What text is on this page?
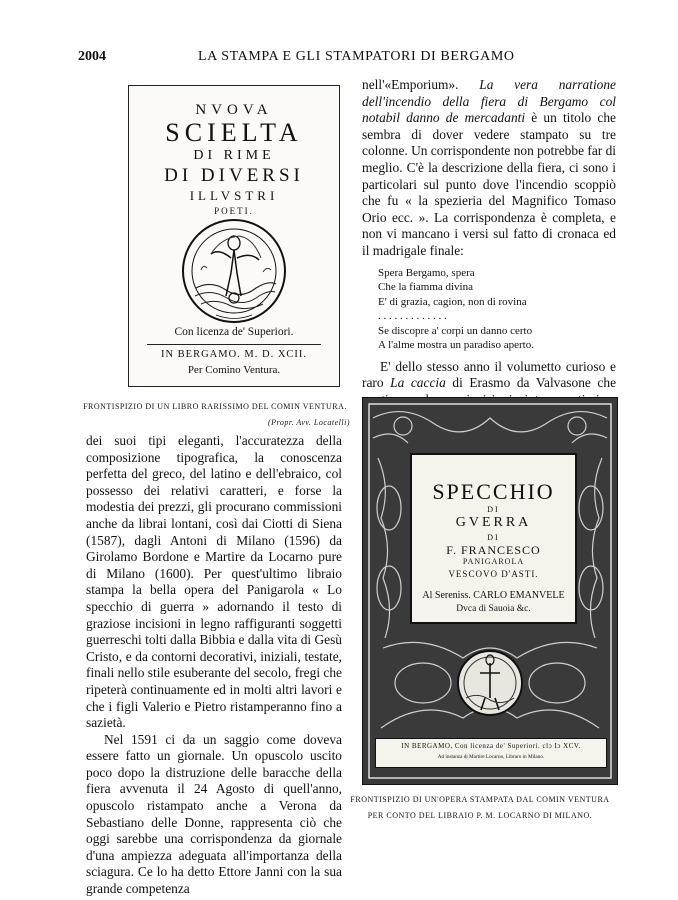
2004	LA STAMPA E GLI STAMPATORI DI BERGAMO
NVOVA
SCIELTA
DI RIME
DI DIVERSI
ILLVSTRI
POETI.
Con licenza de' Superiori.
IN BERGAMO. M. D. XCII.
Per Comino Ventura.
FRONTISPIZIO DI UN LIBRO RARISSIMO DEL COMIN VENTURA.
(Propr. Avv. Locatelli)

nell'«Emporium». La vera narratione dell'incendio della fiera di Bergamo col notabil danno de mercadanti è un titolo che sembra di dover vedere stampato su tre colonne. Un corrispondente non potrebbe far di meglio. C'è la descrizione della fiera, ci sono i particolari sul punto dove l'incendio scoppiò che fu « la spezieria del Magnifico Tomaso Orio ecc. ». La corrispondenza è completa, e non vi mancano i versi sul fatto di cronaca ed il madrigale finale:

Spera Bergamo, spera
Che la fiamma divina
E' di grazia, cagion, non di rovina
. . . . . . . . . . . . .
Se discopre a' corpi un danno certo
A l'alme mostra un paradiso aperto.

E' dello stesso anno il volumetto curioso e raro La caccia di Erasmo da Valvasone che

dei suoi tipi eleganti, l'accuratezza della composizione tipografica, la conoscenza perfetta del greco, del latino e dell'ebraico, col possesso dei relativi caratteri, e forse la modestia dei prezzi, gli procurano commissioni anche da librai lontani, così dai Ciotti di Siena (1587), dagli Antoni di Milano (1596) da Girolamo Bordone e Martire da Locarno pure di Milano (1600). Per quest'ultimo libraio stampa la bella opera del Panigarola « Lo specchio di guerra » adornando il testo di graziose incisioni in legno raffiguranti soggetti guerreschi tolti dalla Bibbia e dalla vita di Gesù Cristo, e da contorni decorativi, iniziali, testate, finali nello stile esuberante del secolo, fregi che ripeterà continuamente ed in molti altri lavori e che i figli Valerio e Pietro ristamperanno fino a sazietà.

Nel 1591 ci da un saggio come doveva essere fatto un giornale. Un opuscolo uscito poco dopo la distruzione delle baracche della fiera avvenuta il 24 Agosto di quell'anno, opuscolo ristampato anche a Verona da Sebastiano delle Donne, rappresenta ciò che oggi sarebbe una corrispondenza da giornale d'una ampiezza adeguata all'importanza della sciagura. Ce lo ha detto Ettore Janni con la sua grande competenza

SPECCHIO
DI
GVERRA
DI
F. FRANCESCO
PANIGAROLA
VESCOVO D'ASTI.
Al Sereniss. CARLO EMANVELE
Dvca di Sauoia &c.
IN BERGAMO, Con licenza de' Superiori. clɔ Iɔ XCV.
Ad instanza di Martire Locarno, Libraro in Milano.
FRONTISPIZIO DI UN'OPERA STAMPATA DAL COMIN VENTURA
PER CONTO DEL LIBRAIO P. M. LOCARNO DI MILANO.
